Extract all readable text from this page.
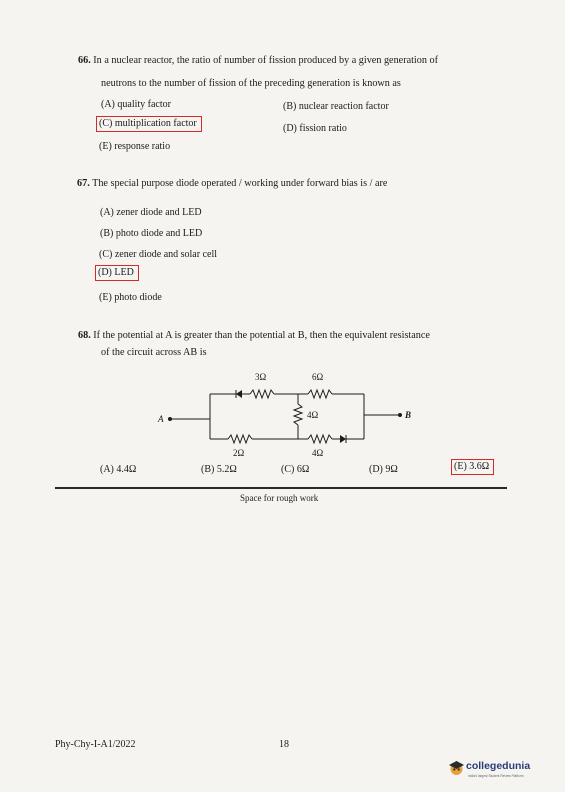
66. In a nuclear reactor, the ratio of number of fission produced by a given generation of
neutrons to the number of fission of the preceding generation is known as
(A) quality factor	(B) nuclear reaction factor
(C) multiplication factor	(D) fission ratio
(E) response ratio
67. The special purpose diode operated / working under forward bias is / are
(A) zener diode and LED
(B) photo diode and LED
(C) zener diode and solar cell
(D) LED
(E) photo diode
68. If the potential at A is greater than the potential at B, then the equivalent resistance
of the circuit across AB is
A	B
3Ω	6Ω
4Ω
2Ω	4Ω
(A) 4.4Ω	(B) 5.2Ω	(C) 6Ω	(D) 9Ω	(E) 3.6Ω
Space for rough work
Phy-Chy-I-A1/2022	18
collegedunia
India's largest Student Review Platform
